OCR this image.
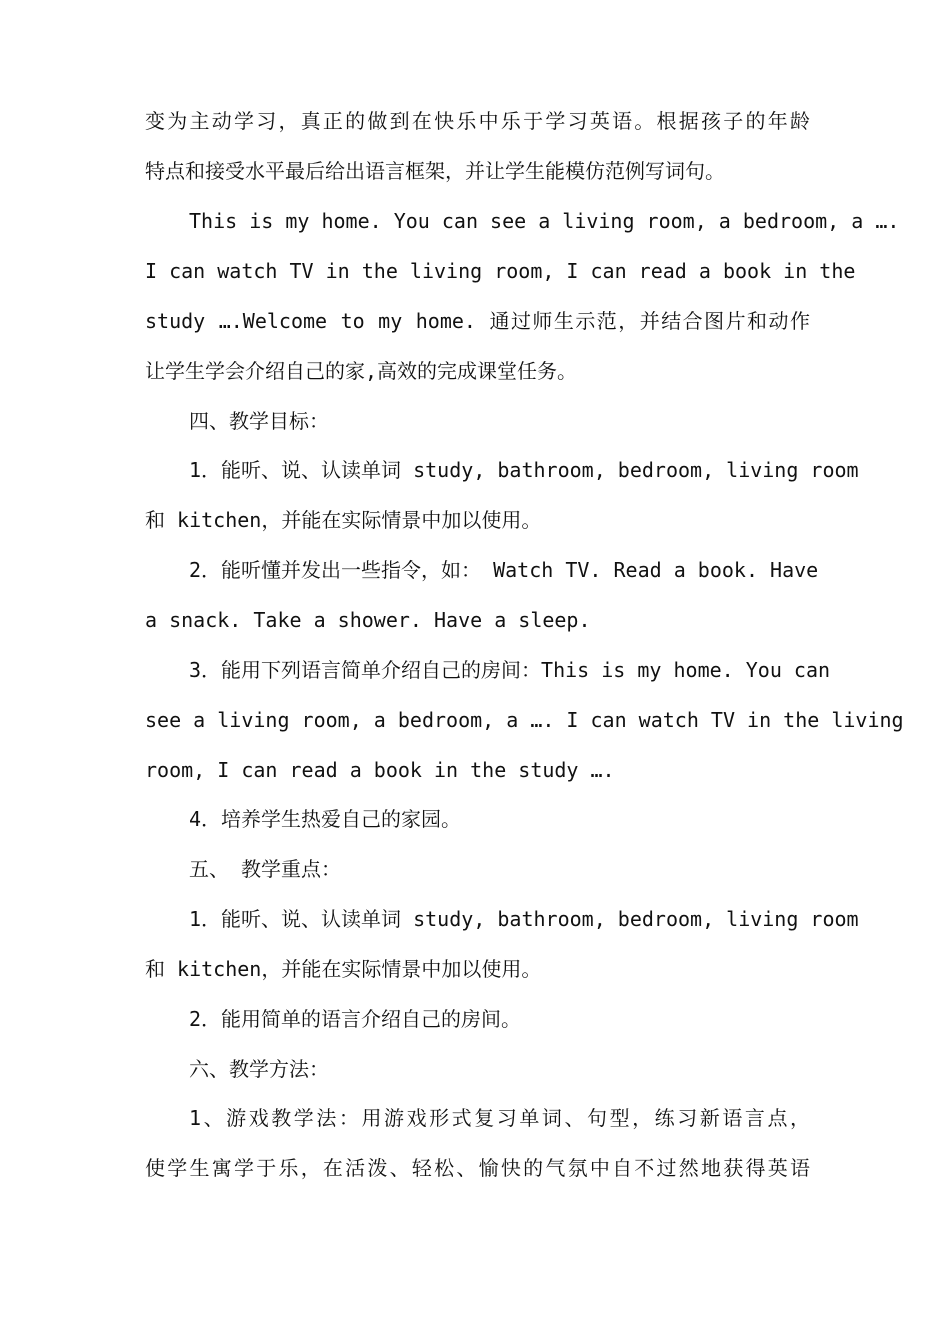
变为主动学习，真正的做到在快乐中乐于学习英语。根据孩子的年龄
特点和接受水平最后给出语言框架，并让学生能模仿范例写词句。
This is my home. You can see a living room, a bedroom, a ….
I can watch TV in the living room, I can read a book in the
study ….Welcome to my home. 通过师生示范，并结合图片和动作
让学生学会介绍自己的家,高效的完成课堂任务。
四、教学目标：
1．能听、说、认读单词 study, bathroom, bedroom, living room
和 kitchen，并能在实际情景中加以使用。
2．能听懂并发出一些指令，如： Watch TV. Read a book. Have
a snack. Take a shower. Have a sleep.
3．能用下列语言简单介绍自己的房间：This is my home. You can
see a living room, a bedroom, a …. I can watch TV in the living
room, I can read a book in the study ….
4．培养学生热爱自己的家园。
五、 教学重点：
1．能听、说、认读单词 study, bathroom, bedroom, living room
和 kitchen，并能在实际情景中加以使用。
2．能用简单的语言介绍自己的房间。
六、教学方法：
1、游戏教学法：用游戏形式复习单词、句型，练习新语言点，
使学生寓学于乐，在活泼、轻松、愉快的气氛中自不过然地获得英语
